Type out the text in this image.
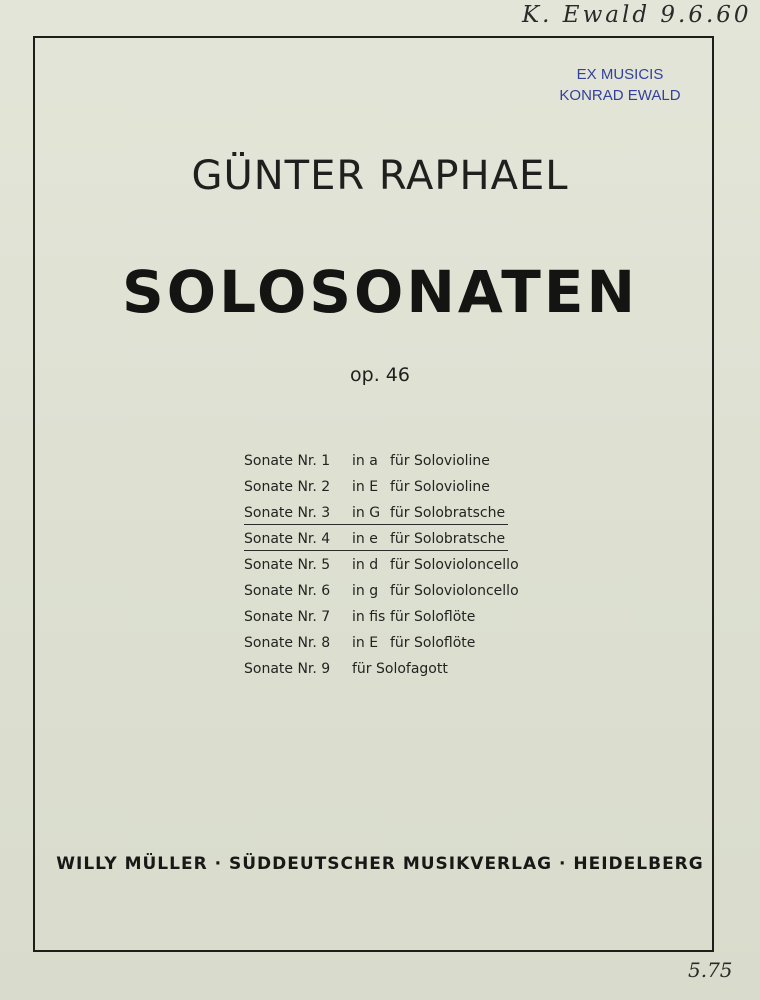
K. Ewald 9.6.60
EX MUSICIS
KONRAD EWALD
GÜNTER RAPHAEL
SOLOSONATEN
op. 46
Sonate Nr. 1 in a für Soloviolin​e
Sonate Nr. 2 in E für Soloviolin​e
Sonate Nr. 3 in G für Solobratsche
Sonate Nr. 4 in e für Solobratsche
Sonate Nr. 5 in d für Soloviolon​cello
Sonate Nr. 6 in g für Soloviolon​cello
Sonate Nr. 7 in fis für Soloflöte
Sonate Nr. 8 in E für Soloflöte
Sonate Nr. 9 für Solofagott
WILLY MÜLLER · SÜDDEUTSCHER MUSIKVERLAG · HEIDELBERG
5.75
